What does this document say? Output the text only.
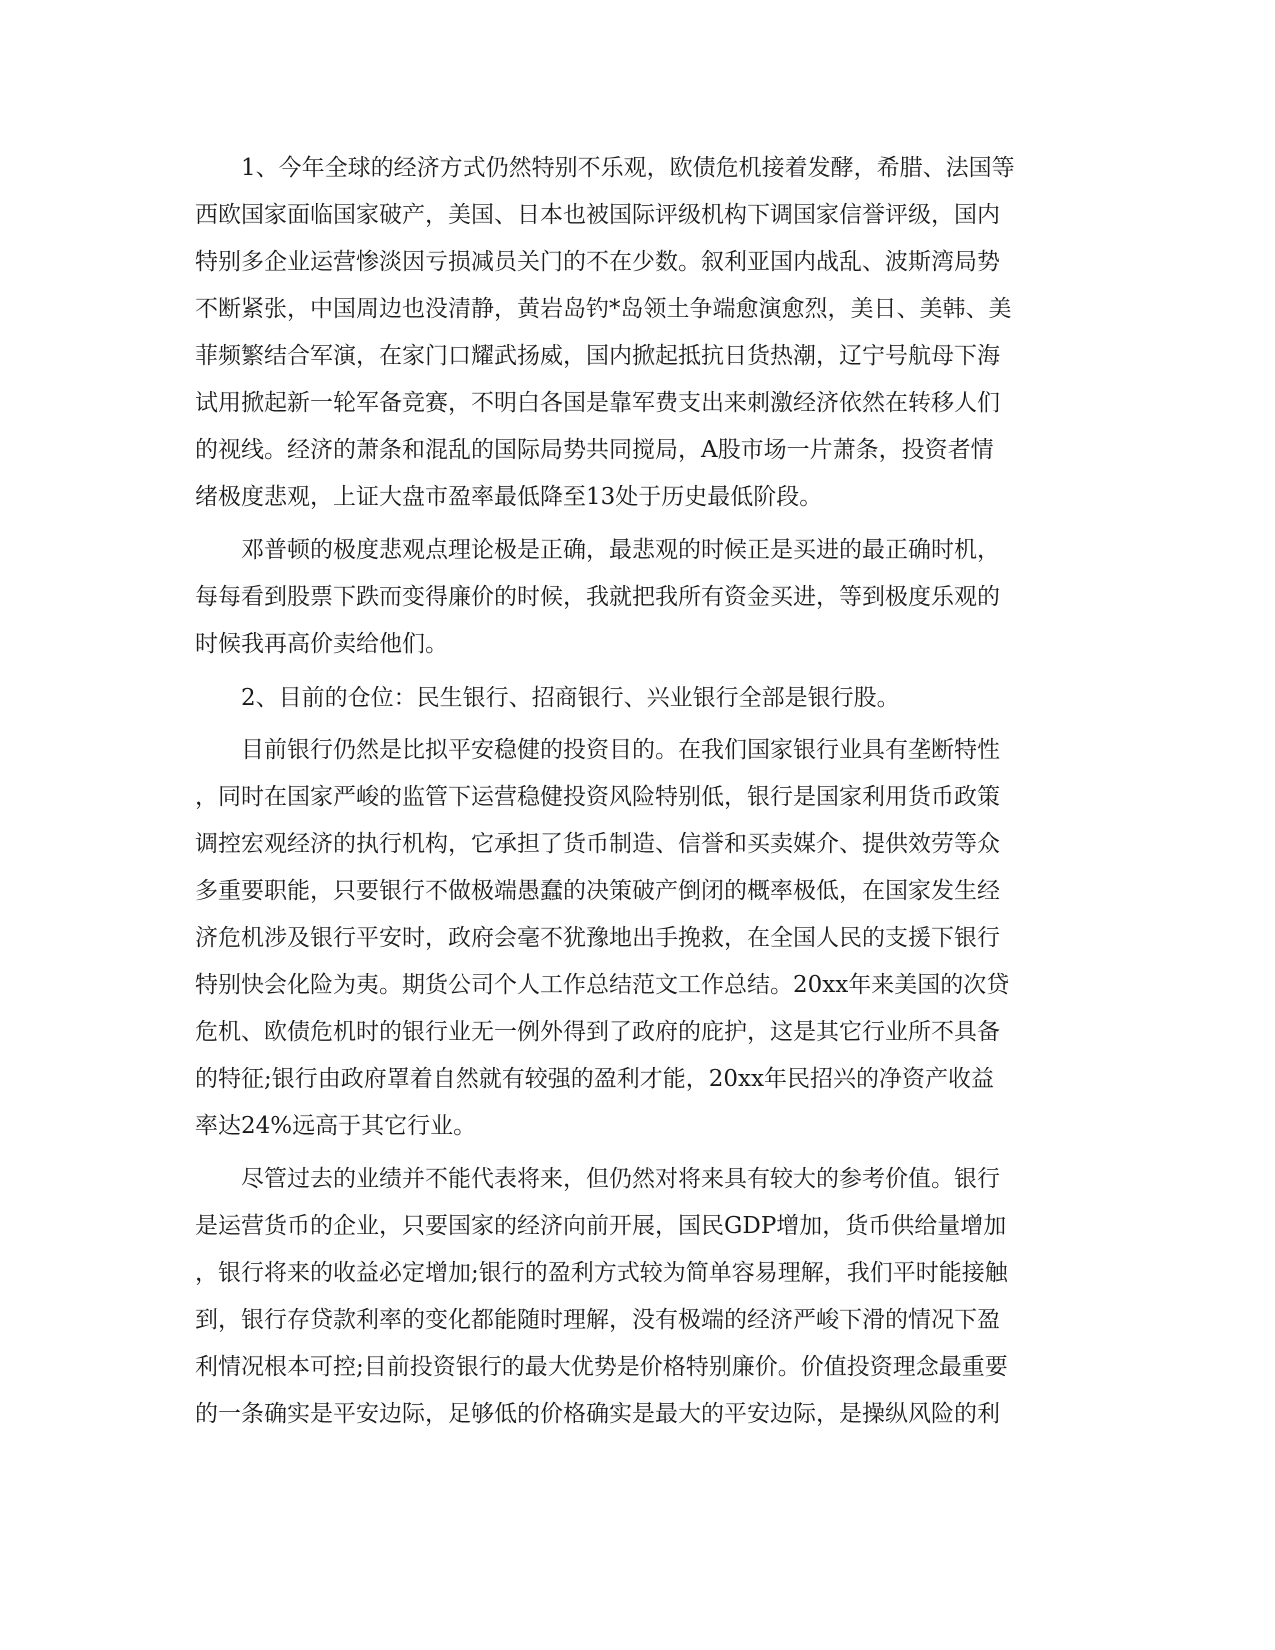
1、今年全球的经济方式仍然特别不乐观，欧债危机接着发酵，希腊、法国等
西欧国家面临国家破产，美国、日本也被国际评级机构下调国家信誉评级，国内
特别多企业运营惨淡因亏损减员关门的不在少数。叙利亚国内战乱、波斯湾局势
不断紧张，中国周边也没清静，黄岩岛钓*岛领土争端愈演愈烈，美日、美韩、美
菲频繁结合军演，在家门口耀武扬威，国内掀起抵抗日货热潮，辽宁号航母下海
试用掀起新一轮军备竞赛，不明白各国是靠军费支出来刺激经济依然在转移人们
的视线。经济的萧条和混乱的国际局势共同搅局，A股市场一片萧条，投资者情
绪极度悲观，上证大盘市盈率最低降至13处于历史最低阶段。
邓普顿的极度悲观点理论极是正确，最悲观的时候正是买进的最正确时机，
每每看到股票下跌而变得廉价的时候，我就把我所有资金买进，等到极度乐观的
时候我再高价卖给他们。
2、目前的仓位：民生银行、招商银行、兴业银行全部是银行股。
目前银行仍然是比拟平安稳健的投资目的。在我们国家银行业具有垄断特性
，同时在国家严峻的监管下运营稳健投资风险特别低，银行是国家利用货币政策
调控宏观经济的执行机构，它承担了货币制造、信誉和买卖媒介、提供效劳等众
多重要职能，只要银行不做极端愚蠢的决策破产倒闭的概率极低，在国家发生经
济危机涉及银行平安时，政府会毫不犹豫地出手挽救，在全国人民的支援下银行
特别快会化险为夷。期货公司个人工作总结范文工作总结。20xx年来美国的次贷
危机、欧债危机时的银行业无一例外得到了政府的庇护，这是其它行业所不具备
的特征;银行由政府罩着自然就有较强的盈利才能，20xx年民招兴的净资产收益
率达24%远高于其它行业。
尽管过去的业绩并不能代表将来，但仍然对将来具有较大的参考价值。银行
是运营货币的企业，只要国家的经济向前开展，国民GDP增加，货币供给量增加
，银行将来的收益必定增加;银行的盈利方式较为简单容易理解，我们平时能接触
到，银行存贷款利率的变化都能随时理解，没有极端的经济严峻下滑的情况下盈
利情况根本可控;目前投资银行的最大优势是价格特别廉价。价值投资理念最重要
的一条确实是平安边际，足够低的价格确实是最大的平安边际，是操纵风险的利
